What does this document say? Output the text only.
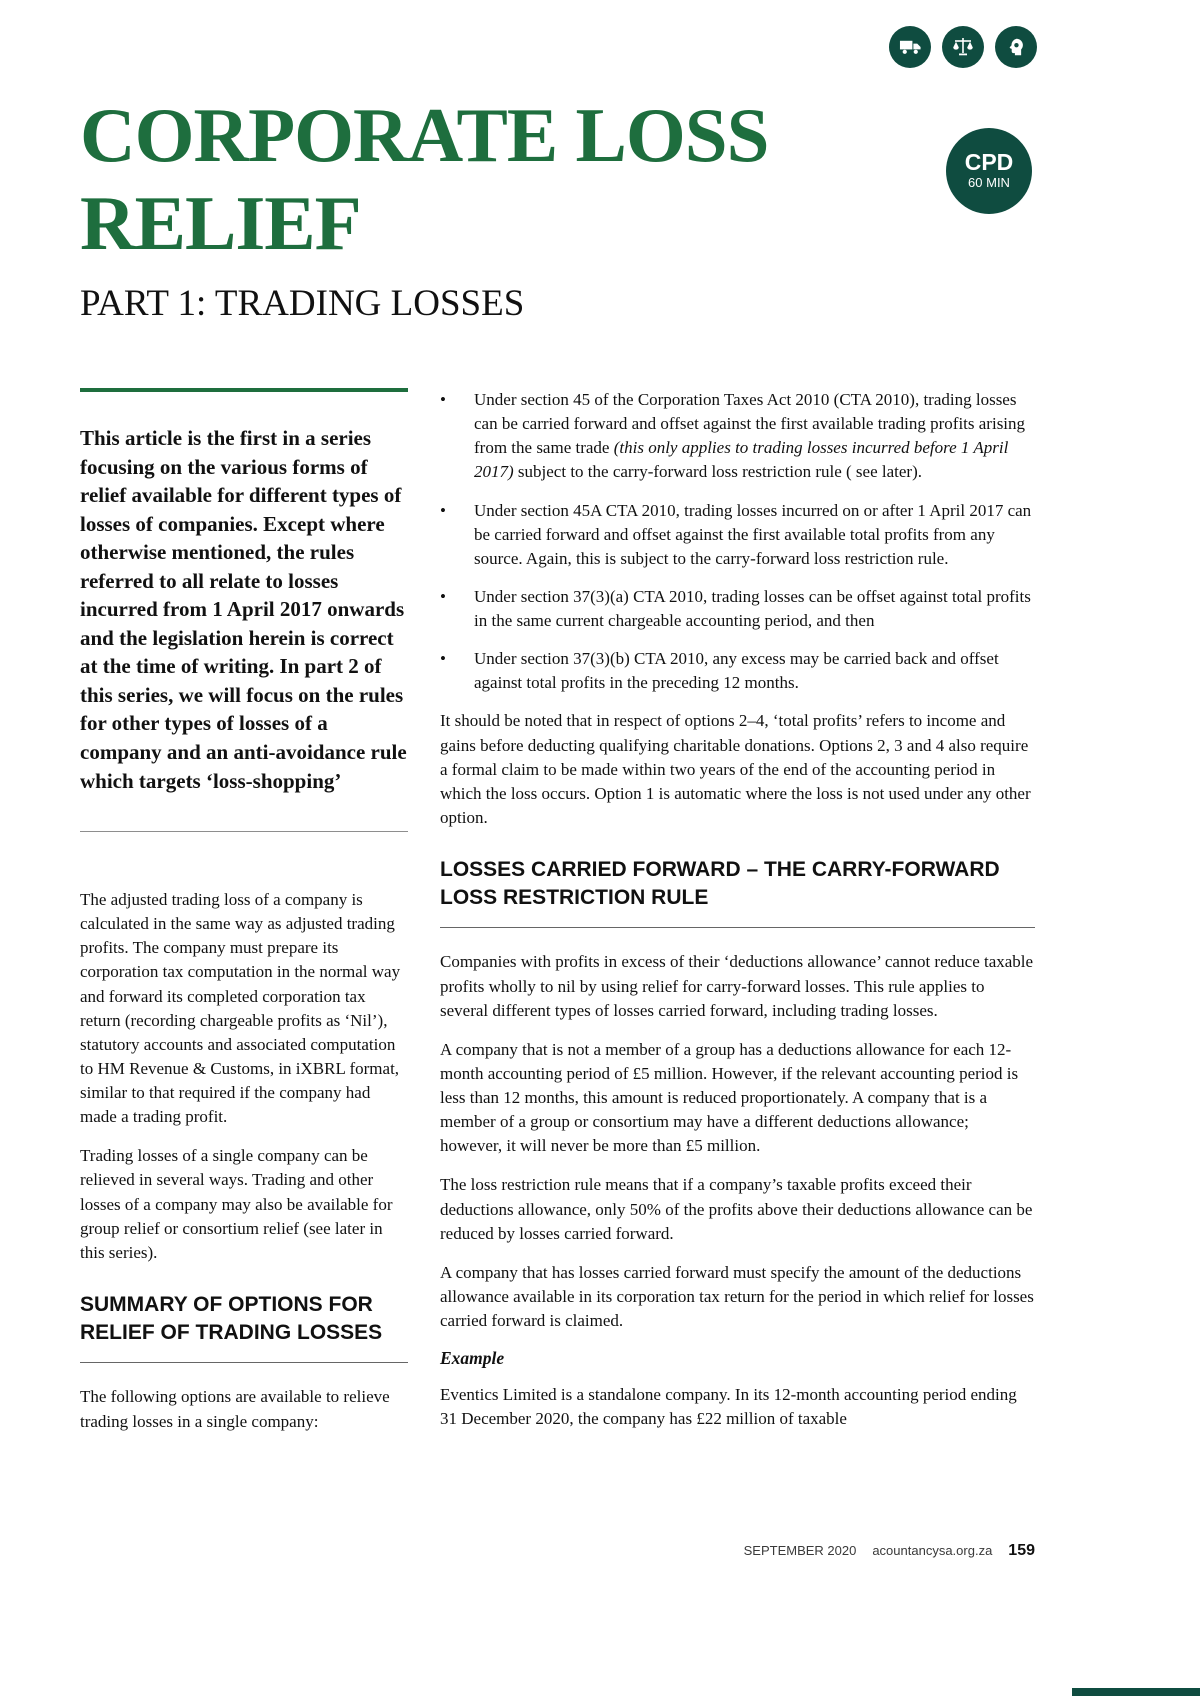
CORPORATE LOSS
RELIEF
PART 1: TRADING LOSSES
CPD
60 MIN
This article is the first in a series focusing on the various forms of relief available for different types of losses of companies. Except where otherwise mentioned, the rules referred to all relate to losses incurred from 1 April 2017 onwards and the legislation herein is correct at the time of writing. In part 2 of this series, we will focus on the rules for other types of losses of a company and an anti-avoidance rule which targets ‘loss-shopping’

The adjusted trading loss of a company is calculated in the same way as adjusted trading profits. The company must prepare its corporation tax computation in the normal way and forward its completed corporation tax return (recording chargeable profits as ‘Nil’), statutory accounts and associated computation to HM Revenue & Customs, in iXBRL format, similar to that required if the company had made a trading profit.

Trading losses of a single company can be relieved in several ways. Trading and other losses of a company may also be available for group relief or consortium relief (see later in this series).

SUMMARY OF OPTIONS FOR RELIEF OF TRADING LOSSES

The following options are available to relieve trading losses in a single company:

•	Under section 45 of the Corporation Taxes Act 2010 (CTA 2010), trading losses can be carried forward and offset against the first available trading profits arising from the same trade (this only applies to trading losses incurred before 1 April 2017) subject to the carry-forward loss restriction rule ( see later).
•	Under section 45A CTA 2010, trading losses incurred on or after 1 April 2017 can be carried forward and offset against the first available total profits from any source. Again, this is subject to the carry-forward loss restriction rule.
•	Under section 37(3)(a) CTA 2010, trading losses can be offset against total profits in the same current chargeable accounting period, and then
•	Under section 37(3)(b) CTA 2010, any excess may be carried back and offset against total profits in the preceding 12 months.

It should be noted that in respect of options 2–4, ‘total profits’ refers to income and gains before deducting qualifying charitable donations. Options 2, 3 and 4 also require a formal claim to be made within two years of the end of the accounting period in which the loss occurs. Option 1 is automatic where the loss is not used under any other option.

LOSSES CARRIED FORWARD – THE CARRY-FORWARD LOSS RESTRICTION RULE

Companies with profits in excess of their ‘deductions allowance’ cannot reduce taxable profits wholly to nil by using relief for carry-forward losses. This rule applies to several different types of losses carried forward, including trading losses.

A company that is not a member of a group has a deductions allowance for each 12-month accounting period of £5 million. However, if the relevant accounting period is less than 12 months, this amount is reduced proportionately. A company that is a member of a group or consortium may have a different deductions allowance; however, it will never be more than £5 million.

The loss restriction rule means that if a company’s taxable profits exceed their deductions allowance, only 50% of the profits above their deductions allowance can be reduced by losses carried forward.

A company that has losses carried forward must specify the amount of the deductions allowance available in its corporation tax return for the period in which relief for losses carried forward is claimed.

Example

Eventics Limited is a standalone company. In its 12-month accounting period ending 31 December 2020, the company has £22 million of taxable

SEPTEMBER 2020 acountancysa.org.za 159
